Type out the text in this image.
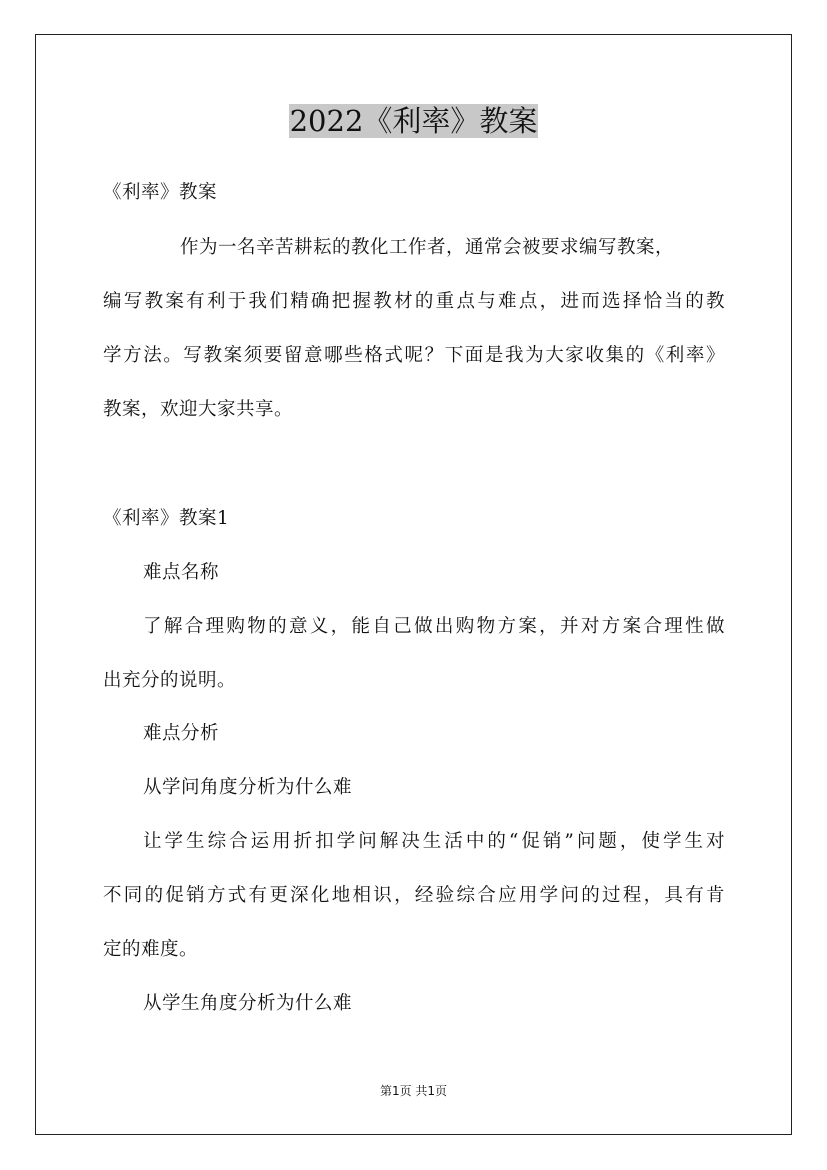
2022《利率》教案
《利率》教案
作为一名辛苦耕耘的教化工作者，通常会被要求编写教案，
编写教案有利于我们精确把握教材的重点与难点，进而选择恰当的教
学方法。写教案须要留意哪些格式呢？下面是我为大家收集的《利率》
教案，欢迎大家共享。
《利率》教案1
难点名称
了解合理购物的意义，能自己做出购物方案，并对方案合理性做
出充分的说明。
难点分析
从学问角度分析为什么难
让学生综合运用折扣学问解决生活中的“促销”问题，使学生对
不同的促销方式有更深化地相识，经验综合应用学问的过程，具有肯
定的难度。
从学生角度分析为什么难
第1页 共1页
